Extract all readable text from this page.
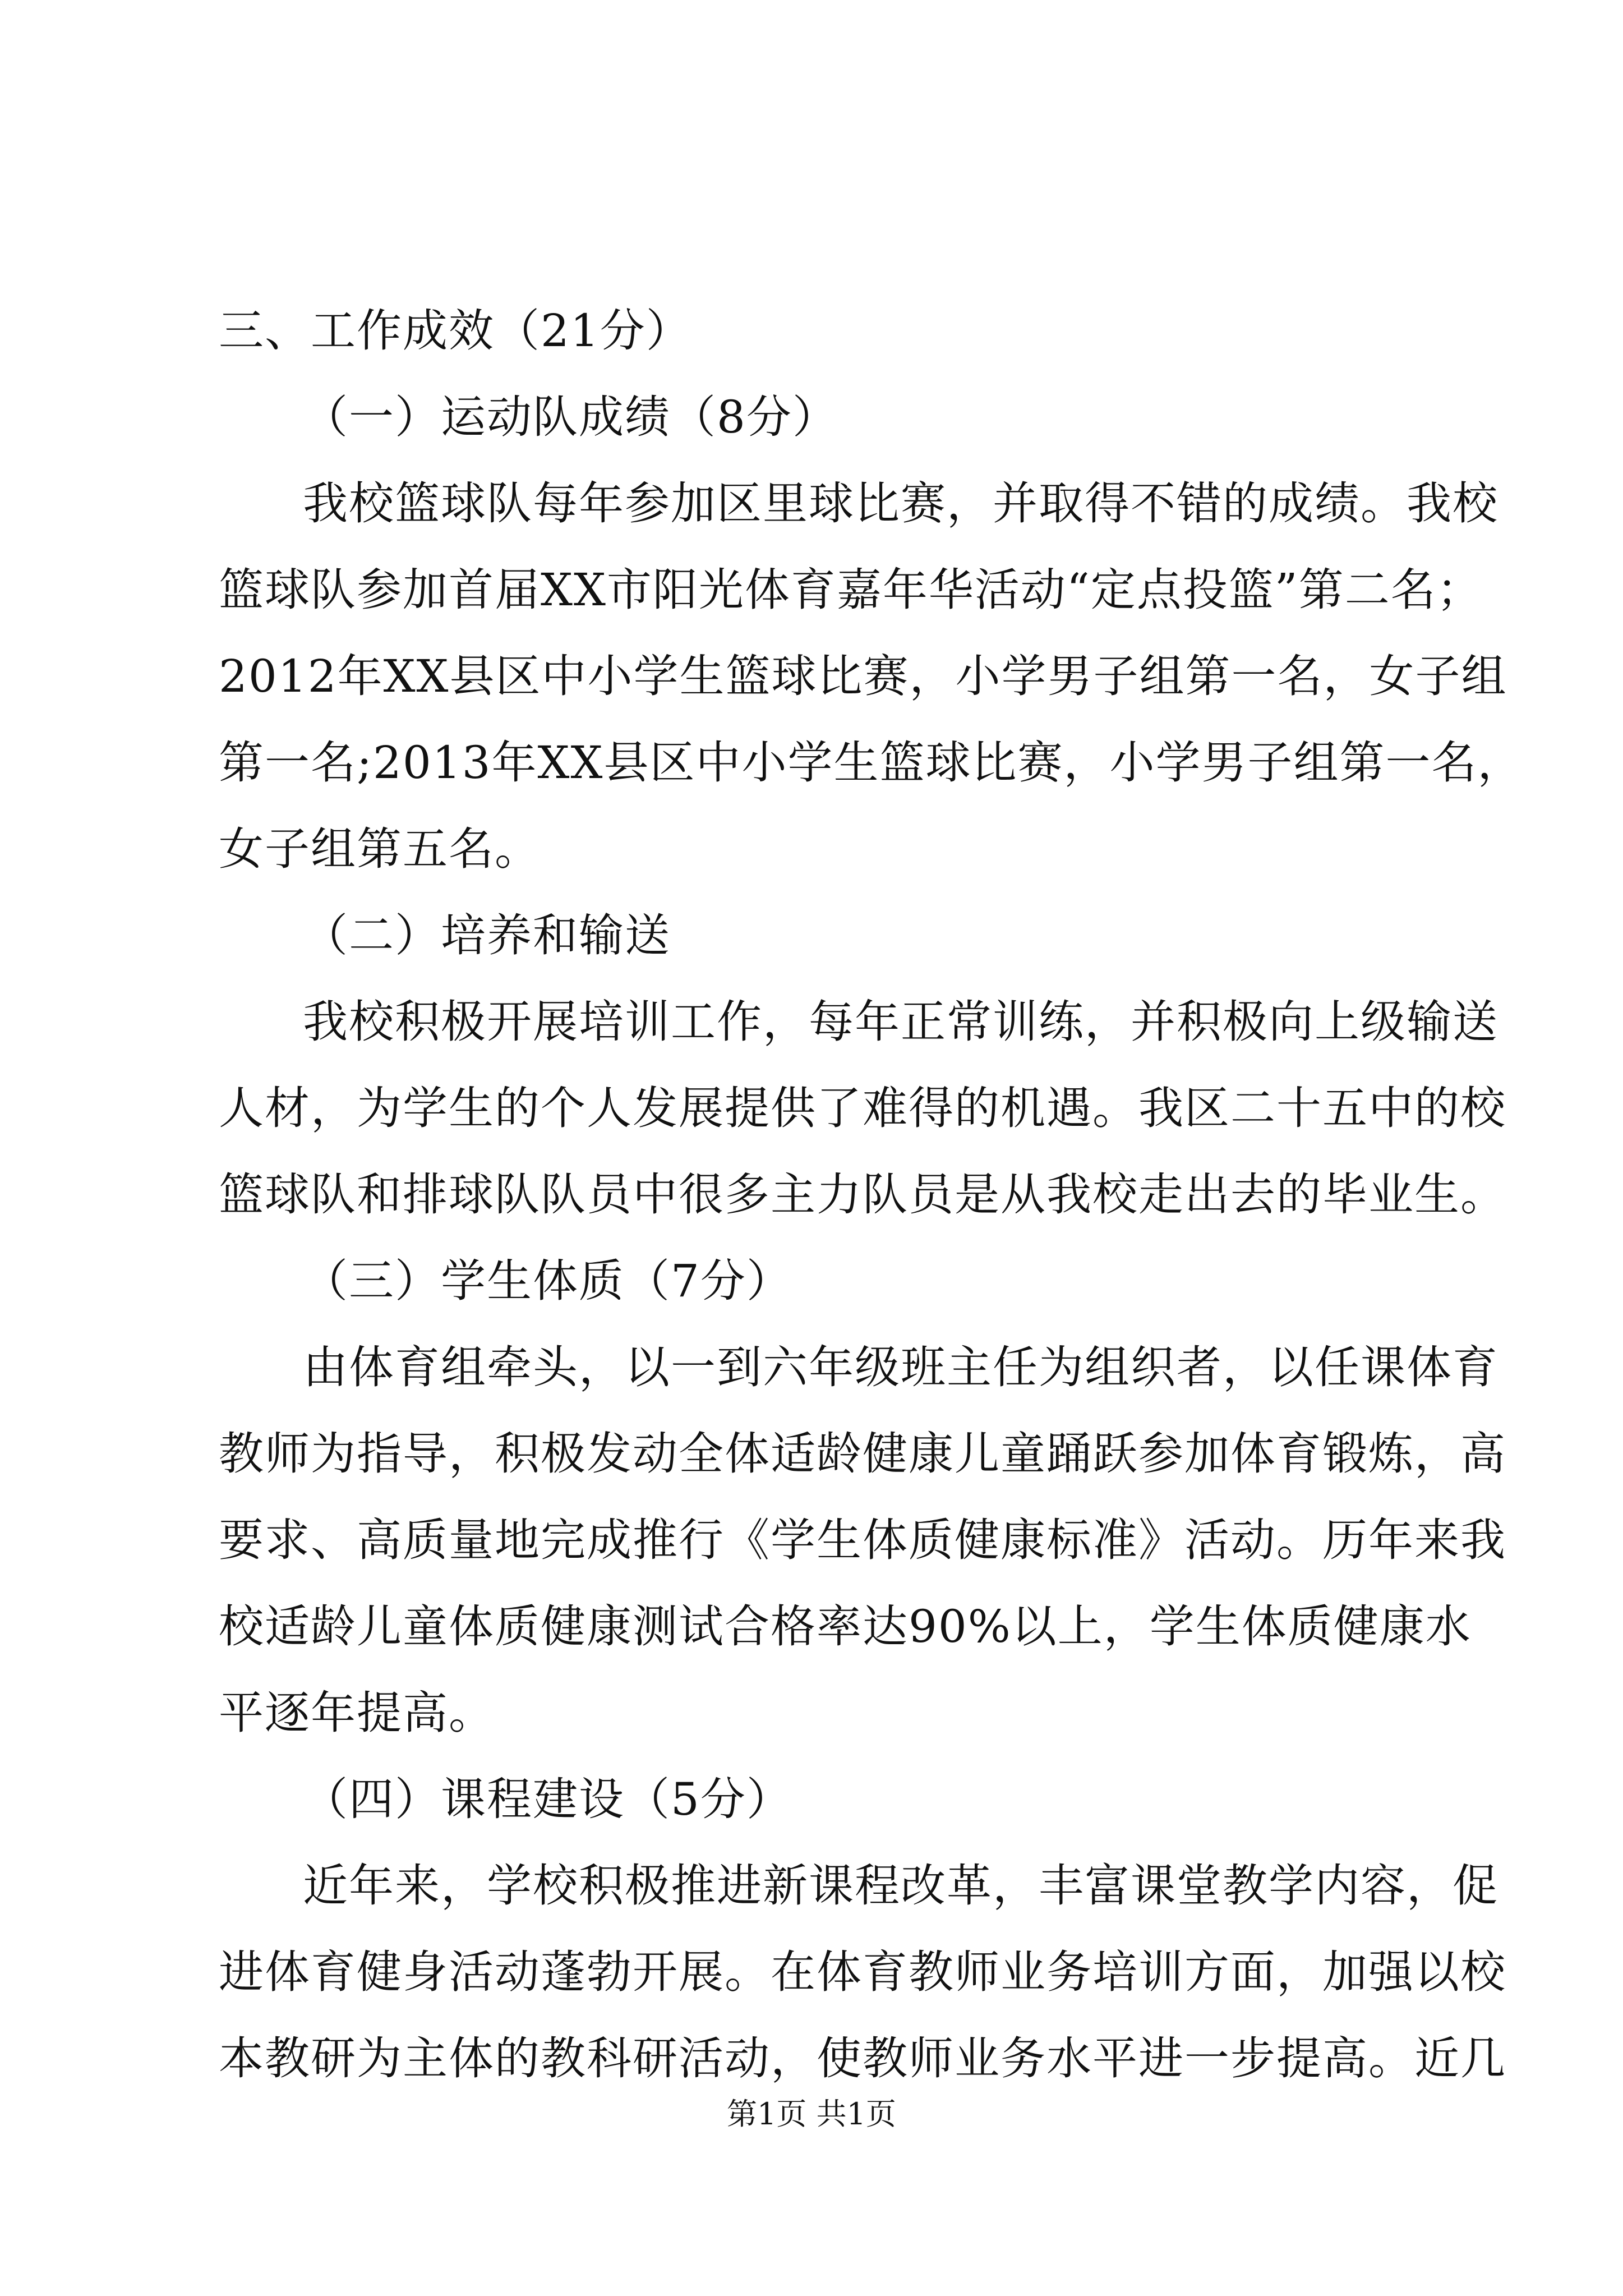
三、工作成效（21分）
（一）运动队成绩（8分）
我校篮球队每年参加区里球比赛，并取得不错的成绩。我校
篮球队参加首届XX市阳光体育嘉年华活动“定点投篮”第二名；
2012年XX县区中小学生篮球比赛，小学男子组第一名，女子组
第一名;2013年XX县区中小学生篮球比赛，小学男子组第一名，
女子组第五名。
（二）培养和输送
我校积极开展培训工作，每年正常训练，并积极向上级输送
人材，为学生的个人发展提供了难得的机遇。我区二十五中的校
篮球队和排球队队员中很多主力队员是从我校走出去的毕业生。
（三）学生体质（7分）
由体育组牵头，以一到六年级班主任为组织者，以任课体育
教师为指导，积极发动全体适龄健康儿童踊跃参加体育锻炼，高
要求、高质量地完成推行《学生体质健康标准》活动。历年来我
校适龄儿童体质健康测试合格率达90%以上，学生体质健康水
平逐年提高。
（四）课程建设（5分）
近年来，学校积极推进新课程改革，丰富课堂教学内容，促
进体育健身活动蓬勃开展。在体育教师业务培训方面，加强以校
本教研为主体的教科研活动，使教师业务水平进一步提高。近几
第1页 共1页
